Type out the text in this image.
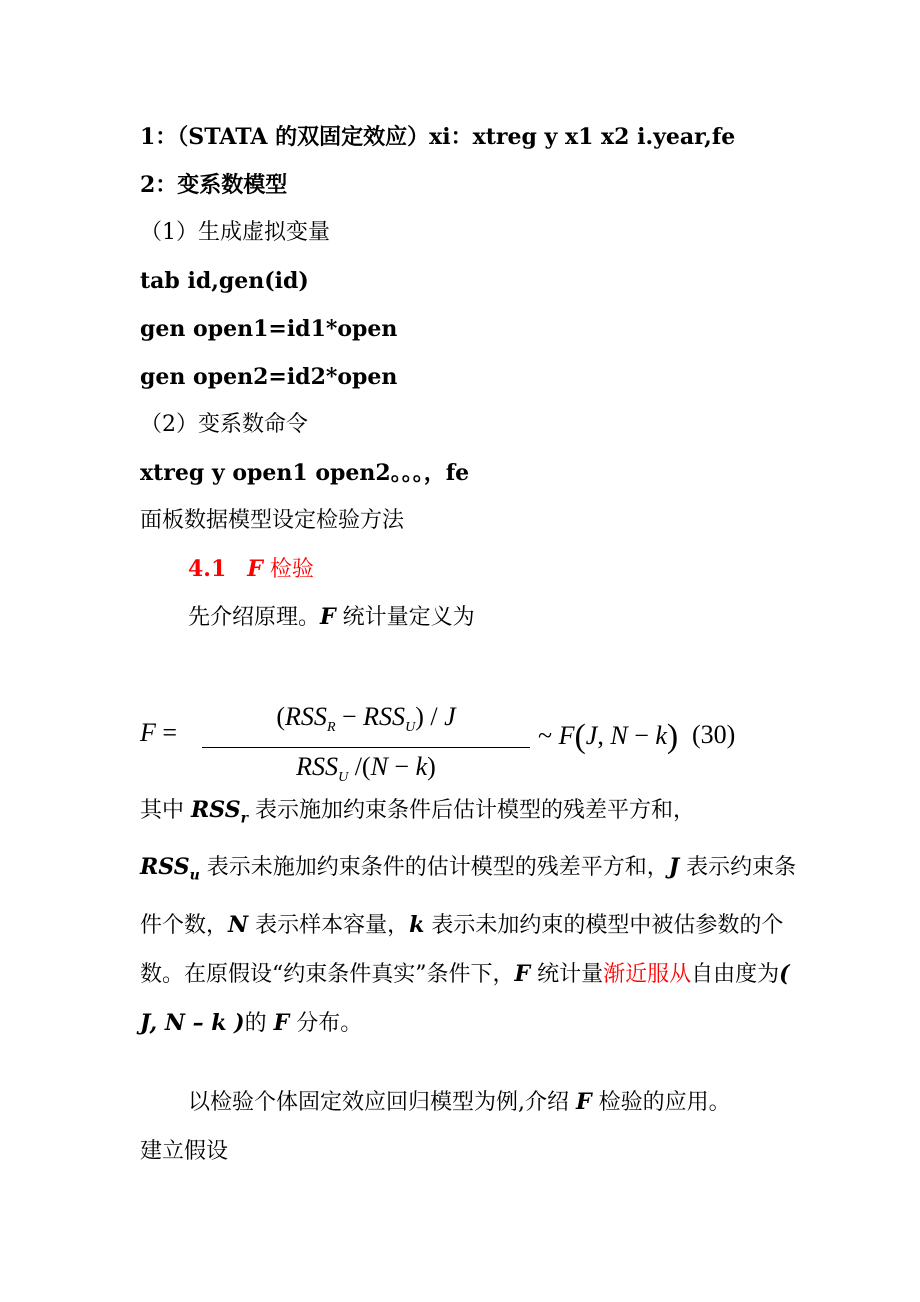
1：（STATA 的双固定效应）xi：xtreg y x1 x2 i.year,fe
2：变系数模型
（1）生成虚拟变量
tab id,gen(id)
gen open1=id1*open
gen open2=id2*open
（2）变系数命令
xtreg y open1 open2。。。，fe
面板数据模型设定检验方法
4.1 F 检验
先介绍原理。F 统计量定义为
F =
$(RSS_R - RSS_U) / J$
$RSS_U$ /(N − k)
~ F(J, N − k) (30)
其中 $RSS_r$ 表示施加约束条件后估计模型的残差平方和，
$RSS_u$ 表示未施加约束条件的估计模型的残差平方和，J 表示约束条件个数，N 表示样本容量，k 表示未加约束的模型中被估参数的个数。在原假设“约束条件真实”条件下，F 统计量渐近服从自由度为( J, N – k )的 F 分布。
以检验个体固定效应回归模型为例,介绍 F 检验的应用。
建立假设
